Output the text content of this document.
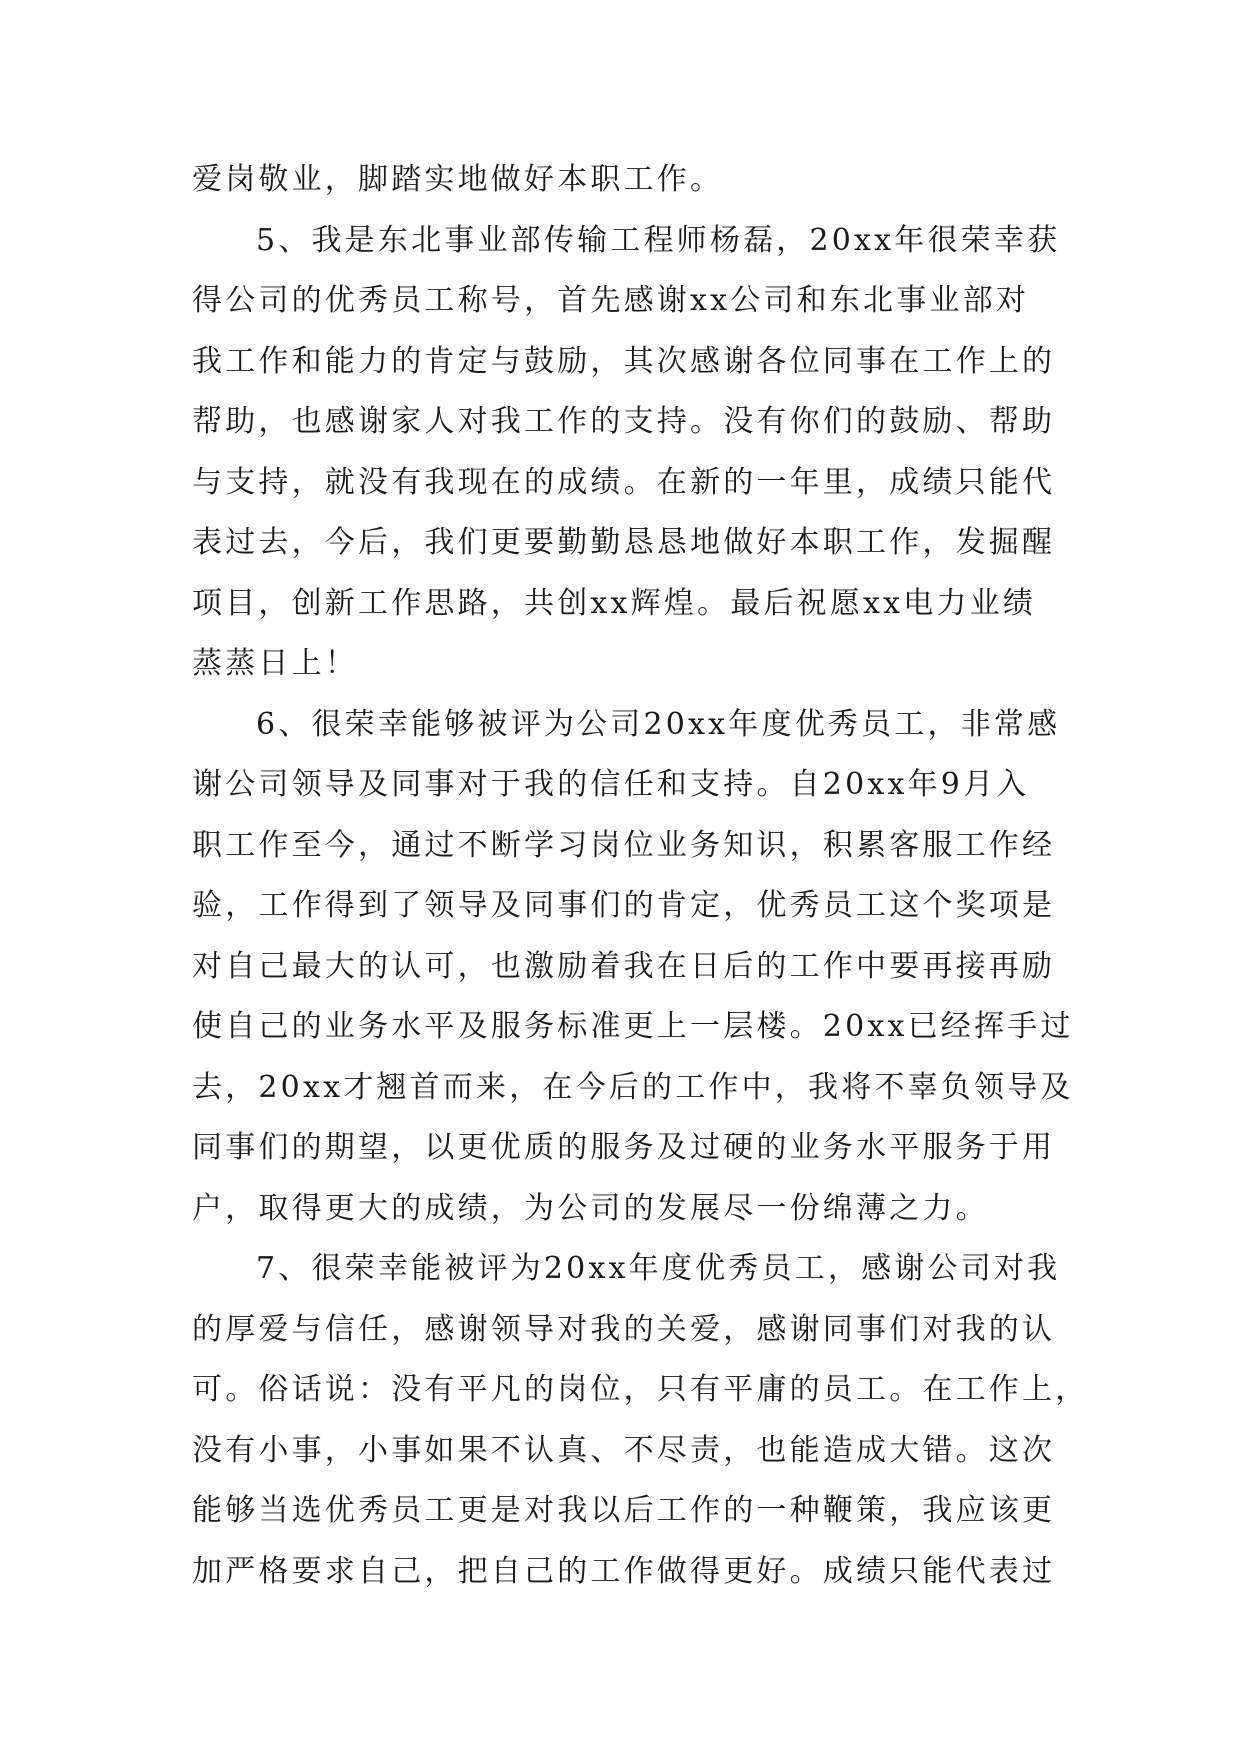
爱岗敬业，脚踏实地做好本职工作。
5、我是东北事业部传输工程师杨磊，20xx年很荣幸获
得公司的优秀员工称号，首先感谢xx公司和东北事业部对
我工作和能力的肯定与鼓励，其次感谢各位同事在工作上的
帮助，也感谢家人对我工作的支持。没有你们的鼓励、帮助
与支持，就没有我现在的成绩。在新的一年里，成绩只能代
表过去，今后，我们更要勤勤恳恳地做好本职工作，发掘醒
项目，创新工作思路，共创xx辉煌。最后祝愿xx电力业绩
蒸蒸日上！
6、很荣幸能够被评为公司20xx年度优秀员工，非常感
谢公司领导及同事对于我的信任和支持。自20xx年9月入
职工作至今，通过不断学习岗位业务知识，积累客服工作经
验，工作得到了领导及同事们的肯定，优秀员工这个奖项是
对自己最大的认可，也激励着我在日后的工作中要再接再励
使自己的业务水平及服务标准更上一层楼。20xx已经挥手过
去，20xx才翘首而来，在今后的工作中，我将不辜负领导及
同事们的期望，以更优质的服务及过硬的业务水平服务于用
户，取得更大的成绩，为公司的发展尽一份绵薄之力。
7、很荣幸能被评为20xx年度优秀员工，感谢公司对我
的厚爱与信任，感谢领导对我的关爱，感谢同事们对我的认
可。俗话说：没有平凡的岗位，只有平庸的员工。在工作上，
没有小事，小事如果不认真、不尽责，也能造成大错。这次
能够当选优秀员工更是对我以后工作的一种鞭策，我应该更
加严格要求自己，把自己的工作做得更好。成绩只能代表过
